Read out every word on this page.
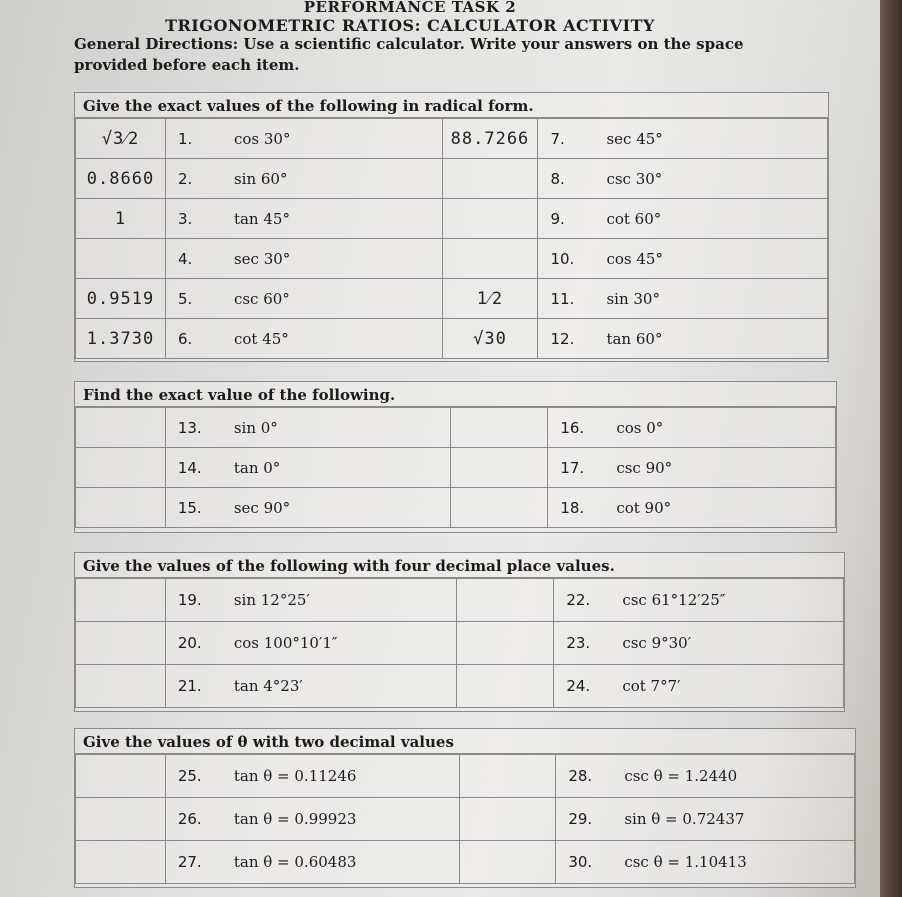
PERFORMANCE TASK 2
TRIGONOMETRIC RATIOS: CALCULATOR ACTIVITY
General Directions: Use a scientific calculator. Write your answers on the space provided before each item.
Give the exact values of the following in radical form.
√3⁄2	1. cos 30°	88.7266	7. sec 45°
0.8660	2. sin 60°		8. csc 30°
1	3. tan 45°		9. cot 60°
	4. sec 30°		10. cos 45°
0.9519	5. csc 60°	1⁄2	11. sin 30°
1.3730	6. cot 45°	√30	12. tan 60°
Find the exact value of the following.
	13. sin 0°		16. cos 0°
	14. tan 0°		17. csc 90°
	15. sec 90°		18. cot 90°
Give the values of the following with four decimal place values.
	19. sin 12°25′		22. csc 61°12′25″
	20. cos 100°10′1″		23. csc 9°30′
	21. tan 4°23′		24. cot 7°7′
Give the values of θ with two decimal values
	25. tan θ = 0.11246		28. csc θ = 1.2440
	26. tan θ = 0.99923		29. sin θ = 0.72437
	27. tan θ = 0.60483		30. csc θ = 1.10413
